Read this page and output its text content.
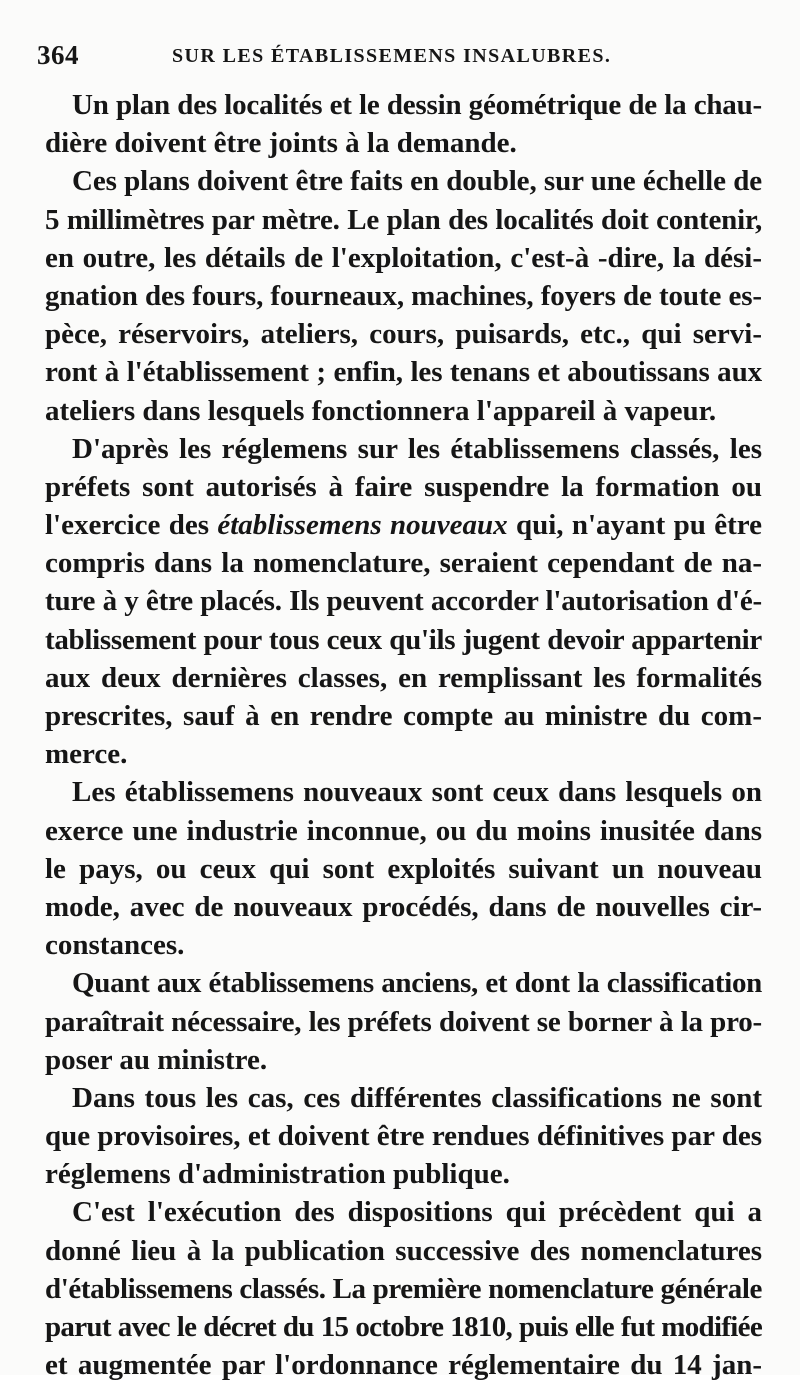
364	SUR LES ÉTABLISSEMENS INSALUBRES.
Un plan des localités et le dessin géométrique de la chau-
dière doivent être joints à la demande.
Ces plans doivent être faits en double, sur une échelle de
5 millimètres par mètre. Le plan des localités doit contenir,
en outre, les détails de l'exploitation, c'est-à -dire, la dési-
gnation des fours, fourneaux, machines, foyers de toute es-
pèce, réservoirs, ateliers, cours, puisards, etc., qui servi-
ront à l'établissement ; enfin, les tenans et aboutissans aux
ateliers dans lesquels fonctionnera l'appareil à vapeur.
D'après les réglemens sur les établissemens classés, les
préfets sont autorisés à faire suspendre la formation ou
l'exercice des établissemens nouveaux qui, n'ayant pu être
compris dans la nomenclature, seraient cependant de na-
ture à y être placés. Ils peuvent accorder l'autorisation d'é-
tablissement pour tous ceux qu'ils jugent devoir appartenir
aux deux dernières classes, en remplissant les formalités
prescrites, sauf à en rendre compte au ministre du com-
merce.
Les établissemens nouveaux sont ceux dans lesquels on
exerce une industrie inconnue, ou du moins inusitée dans
le pays, ou ceux qui sont exploités suivant un nouveau
mode, avec de nouveaux procédés, dans de nouvelles cir-
constances.
Quant aux établissemens anciens, et dont la classification
paraîtrait nécessaire, les préfets doivent se borner à la pro-
poser au ministre.
Dans tous les cas, ces différentes classifications ne sont
que provisoires, et doivent être rendues définitives par des
réglemens d'administration publique.
C'est l'exécution des dispositions qui précèdent qui a
donné lieu à la publication successive des nomenclatures
d'établissemens classés. La première nomenclature générale
parut avec le décret du 15 octobre 1810, puis elle fut modifiée
et augmentée par l'ordonnance réglementaire du 14 jan-
